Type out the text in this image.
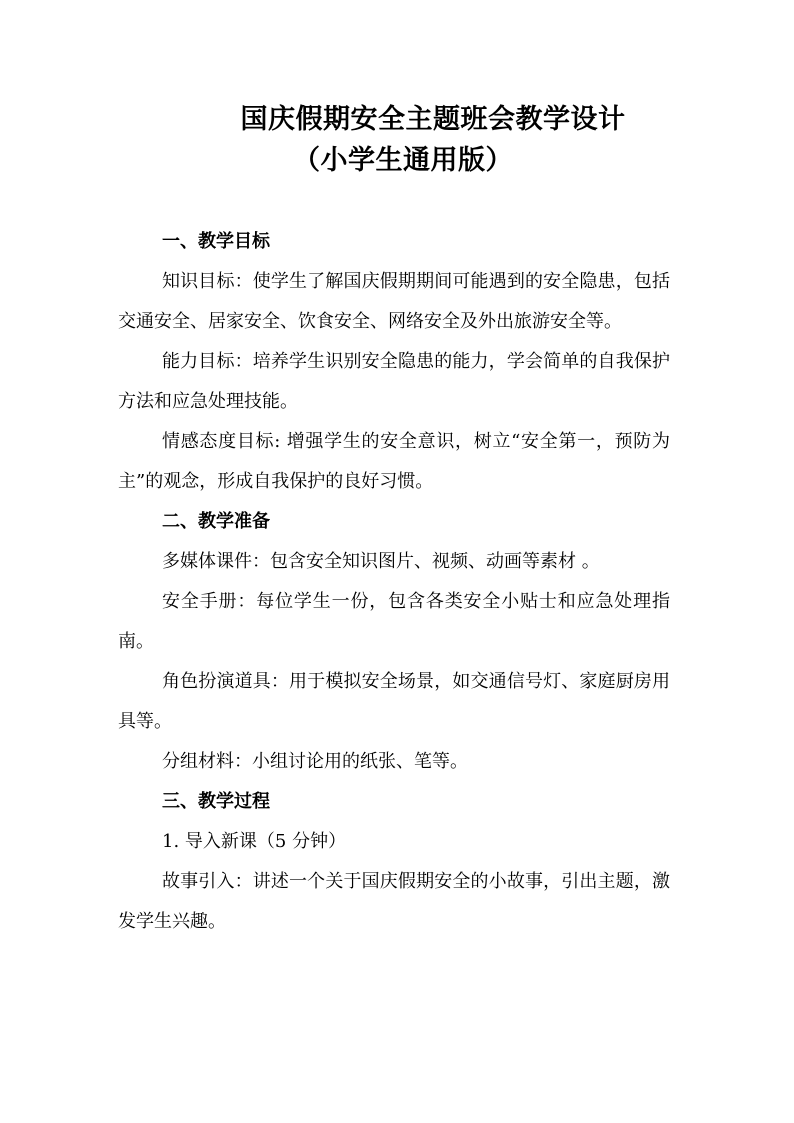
国庆假期安全主题班会教学设计
（小学生通用版）
一、教学目标

知识目标：使学生了解国庆假期期间可能遇到的安全隐患，包括交通安全、居家安全、饮食安全、网络安全及外出旅游安全等。

能力目标：培养学生识别安全隐患的能力，学会简单的自我保护方法和应急处理技能。

情感态度目标: 增强学生的安全意识，树立“安全第一，预防为主”的观念，形成自我保护的良好习惯。

二、教学准备

多媒体课件：包含安全知识图片、视频、动画等素材 。

安全手册：每位学生一份，包含各类安全小贴士和应急处理指南。

角色扮演道具：用于模拟安全场景，如交通信号灯、家庭厨房用具等。

分组材料：小组讨论用的纸张、笔等。

三、教学过程

1. 导入新课（5 分钟）

故事引入：讲述一个关于国庆假期安全的小故事，引出主题，激发学生兴趣。
